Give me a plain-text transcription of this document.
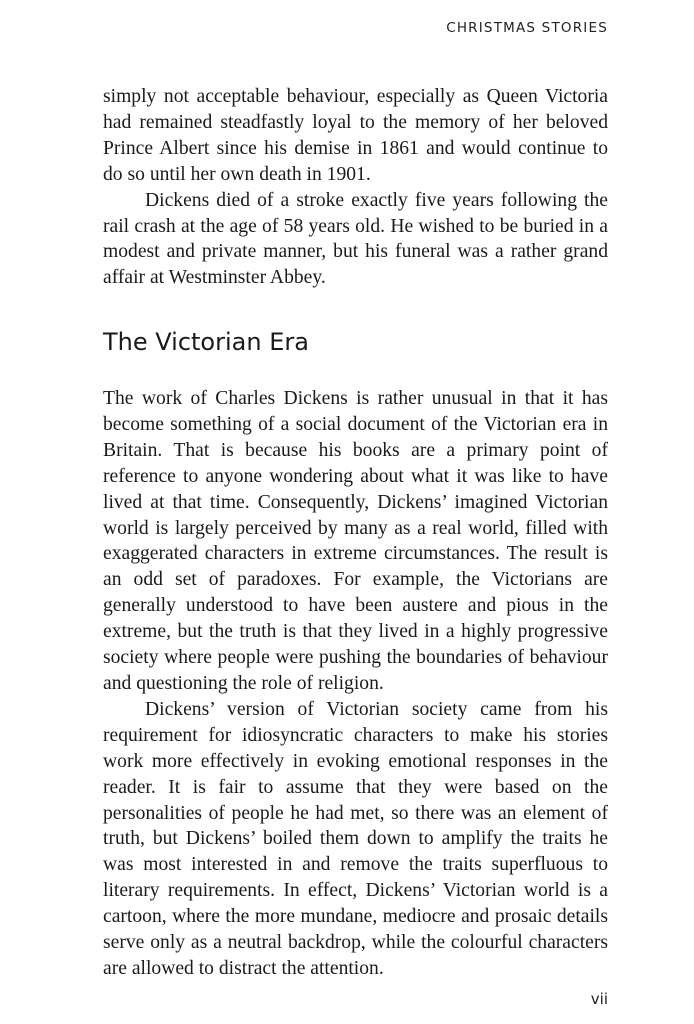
CHRISTMAS STORIES

simply not acceptable behaviour, especially as Queen Victoria had remained steadfastly loyal to the memory of her beloved Prince Albert since his demise in 1861 and would continue to do so until her own death in 1901.

Dickens died of a stroke exactly five years following the rail crash at the age of 58 years old. He wished to be buried in a modest and private manner, but his funeral was a rather grand affair at Westminster Abbey.

The Victorian Era

The work of Charles Dickens is rather unusual in that it has become something of a social document of the Victorian era in Britain. That is because his books are a primary point of reference to anyone wondering about what it was like to have lived at that time. Consequently, Dickens’ imagined Victorian world is largely perceived by many as a real world, filled with exaggerated characters in extreme circumstances. The result is an odd set of paradoxes. For example, the Victorians are generally understood to have been austere and pious in the extreme, but the truth is that they lived in a highly progressive society where people were pushing the boundaries of behaviour and questioning the role of religion.

Dickens’ version of Victorian society came from his requirement for idiosyncratic characters to make his stories work more effectively in evoking emotional responses in the reader. It is fair to assume that they were based on the personalities of people he had met, so there was an element of truth, but Dickens’ boiled them down to amplify the traits he was most interested in and remove the traits superfluous to literary requirements. In effect, Dickens’ Victorian world is a cartoon, where the more mundane, mediocre and prosaic details serve only as a neutral backdrop, while the colourful characters are allowed to distract the attention.

vii
